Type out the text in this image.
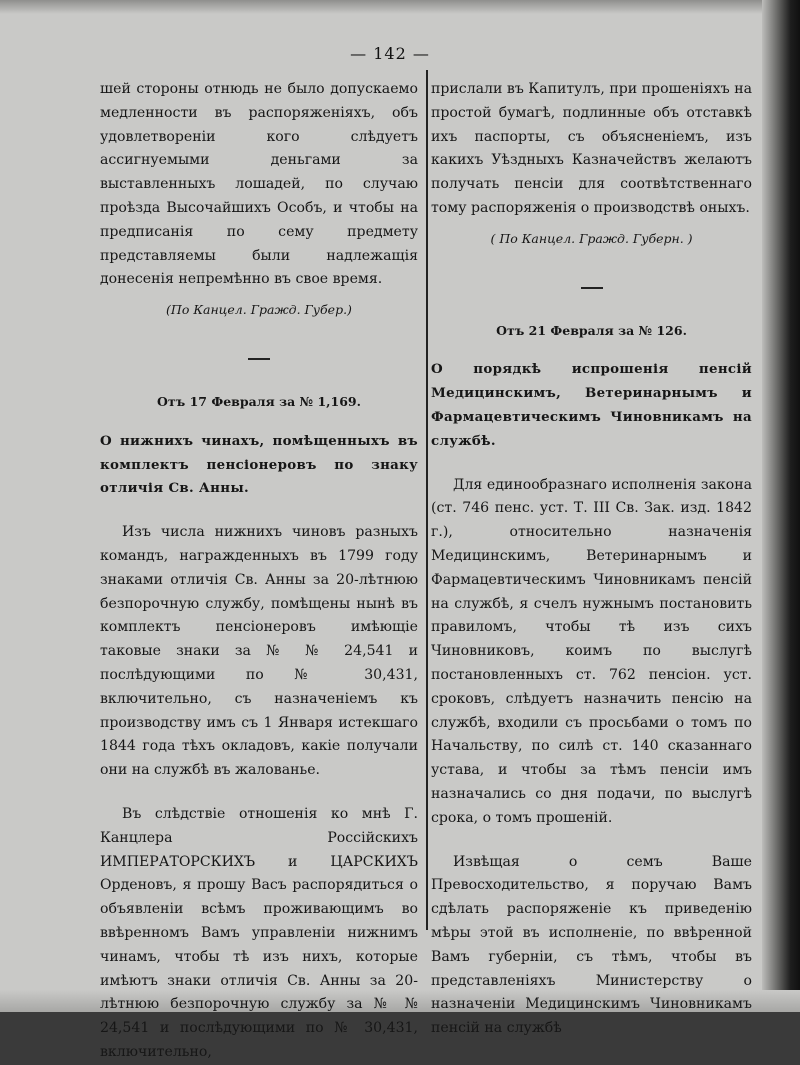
— 142 —

шей стороны отнюдь не было допускаемо медленности въ распоряженіяхъ, объ удовлетвореніи кого слѣдуетъ ассигнуемыми деньгами за выставленныхъ лошадей, по случаю проѣзда Высочайшихъ Особъ, и чтобы на предписанія по сему предмету представляемы были надлежащія донесенія непремѣнно въ свое время.

(По Канцел. Гражд. Губер.)

Отъ 17 Февраля за № 1,169.

О нижнихъ чинахъ, помѣщенныхъ въ комплектъ пенсіонеровъ по знаку отличія Св. Анны.

Изъ числа нижнихъ чиновъ разныхъ командъ, награжденныхъ въ 1799 году знаками отличія Св. Анны за 20-лѣтнюю безпорочную службу, помѣщены нынѣ въ комплектъ пенсіонеровъ имѣющіе таковые знаки за № № 24,541 и послѣдующими по № 30,431, включительно, съ назначеніемъ къ производству имъ съ 1 Января истекшаго 1844 года тѣхъ окладовъ, какіе получали они на службѣ въ жалованье.

Въ слѣдствіе отношенія ко мнѣ Г. Канцлера Россійскихъ ИМПЕРАТОРСКИХЪ и ЦАРСКИХЪ Орденовъ, я прошу Васъ распорядиться о объявленіи всѣмъ проживающимъ во ввѣренномъ Вамъ управленіи нижнимъ чинамъ, чтобы тѣ изъ нихъ, которые имѣютъ знаки отличія Св. Анны за 20-лѣтнюю безпорочную службу за № № 24,541 и послѣдующими по № 30,431, включительно,

прислали въ Капитулъ, при прошеніяхъ на простой бумагѣ, подлинные объ отставкѣ ихъ паспорты, съ объясненіемъ, изъ какихъ Уѣздныхъ Казначействъ желаютъ получать пенсіи для соотвѣтственнаго тому распоряженія о производствѣ оныхъ.

( По Канцел. Гражд. Губерн. )

Отъ 21 Февраля за № 126.

О порядкѣ испрошенія пенсій Медицинскимъ, Ветеринарнымъ и Фармацевтическимъ Чиновникамъ на службѣ.

Для единообразнаго исполненія закона (ст. 746 пенс. уст. Т. III Св. Зак. изд. 1842 г.), относительно назначенія Медицинскимъ, Ветеринарнымъ и Фармацевтическимъ Чиновникамъ пенсій на службѣ, я счелъ нужнымъ постановить правиломъ, чтобы тѣ изъ сихъ Чиновниковъ, коимъ по выслугѣ постановленныхъ ст. 762 пенсіон. уст. сроковъ, слѣдуетъ назначить пенсію на службѣ, входили съ просьбами о томъ по Начальству, по силѣ ст. 140 сказаннаго устава, и чтобы за тѣмъ пенсіи имъ назначались со дня подачи, по выслугѣ срока, о томъ прошеній.

Извѣщая о семъ Ваше Превосходительство, я поручаю Вамъ сдѣлать распоряженіе къ приведенію мѣры этой въ исполненіе, по ввѣренной Вамъ губерніи, съ тѣмъ, чтобы въ представленіяхъ Министерству о назначеніи Медицинскимъ Чиновникамъ пенсій на службѣ
